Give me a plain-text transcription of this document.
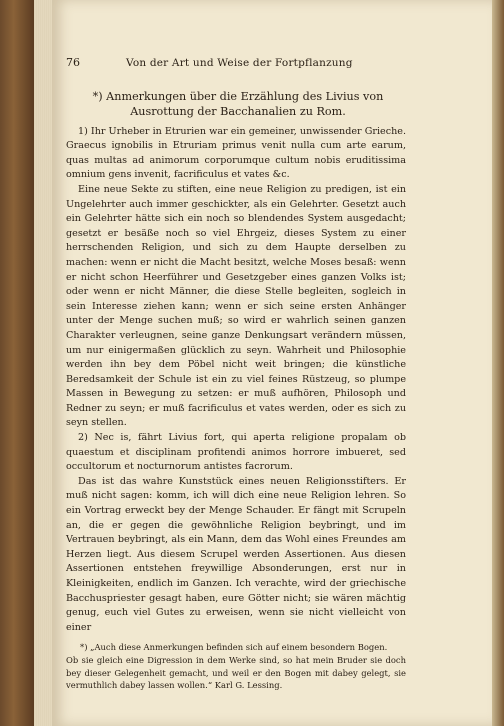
76	Von der Art und Weise der Fortpflanzung

*) Anmerkungen über die Erzählung des Livius von Ausrottung der Bacchanalien zu Rom.

1) Ihr Urheber in Etrurien war ein gemeiner, unwissender Grieche. Graecus ignobilis in Etruriam primus venit nulla cum arte earum, quas multas ad animorum corporumque cultum nobis eruditissima omnium gens invenit, facrificulus et vates &c.

Eine neue Sekte zu stiften, eine neue Religion zu predigen, ist ein Ungelehrter auch immer geschickter, als ein Gelehrter. Gesetzt auch ein Gelehrter hätte sich ein noch so blendendes System ausgedacht; gesetzt er besäße noch so viel Ehrgeiz, dieses System zu einer herrschenden Religion, und sich zu dem Haupte derselben zu machen: wenn er nicht die Macht besitzt, welche Moses besaß: wenn er nicht schon Heerführer und Gesetzgeber eines ganzen Volks ist; oder wenn er nicht Männer, die diese Stelle begleiten, sogleich in sein Interesse ziehen kann; wenn er sich seine ersten Anhänger unter der Menge suchen muß; so wird er wahrlich seinen ganzen Charakter verleugnen, seine ganze Denkungsart verändern müssen, um nur einigermaßen glücklich zu seyn. Wahrheit und Philosophie werden ihn bey dem Pöbel nicht weit bringen; die künstliche Beredsamkeit der Schule ist ein zu viel feines Rüstzeug, so plumpe Massen in Bewegung zu setzen: er muß aufhören, Philosoph und Redner zu seyn; er muß facrificulus et vates werden, oder es sich zu seyn stellen.

2) Nec is, fährt Livius fort, qui aperta religione propalam ob quaestum et disciplinam profitendi animos horrore imbueret, sed occultorum et nocturnorum antistes facrorum.

Das ist das wahre Kunststück eines neuen Religionsstifters. Er muß nicht sagen: komm, ich will dich eine neue Religion lehren. So ein Vortrag erweckt bey der Menge Schauder. Er fängt mit Scrupeln an, die er gegen die gewöhnliche Religion beybringt, und im Vertrauen beybringt, als ein Mann, dem das Wohl eines Freundes am Herzen liegt. Aus diesem Scrupel werden Assertionen. Aus diesen Assertionen entstehen freywillige Absonderungen, erst nur in Kleinigkeiten, endlich im Ganzen. Ich verachte, wird der griechische Bacchuspriester gesagt haben, eure Götter nicht; sie wären mächtig genug, euch viel Gutes zu erweisen, wenn sie nicht vielleicht von einer

*) „Auch diese Anmerkungen befinden sich auf einem besondern Bogen.

Ob sie gleich eine Digression in dem Werke sind, so hat mein Bruder sie doch bey dieser Gelegenheit gemacht, und weil er den Bogen mit dabey gelegt, sie vermuthlich dabey lassen wollen.“ Karl G. Lessing.
